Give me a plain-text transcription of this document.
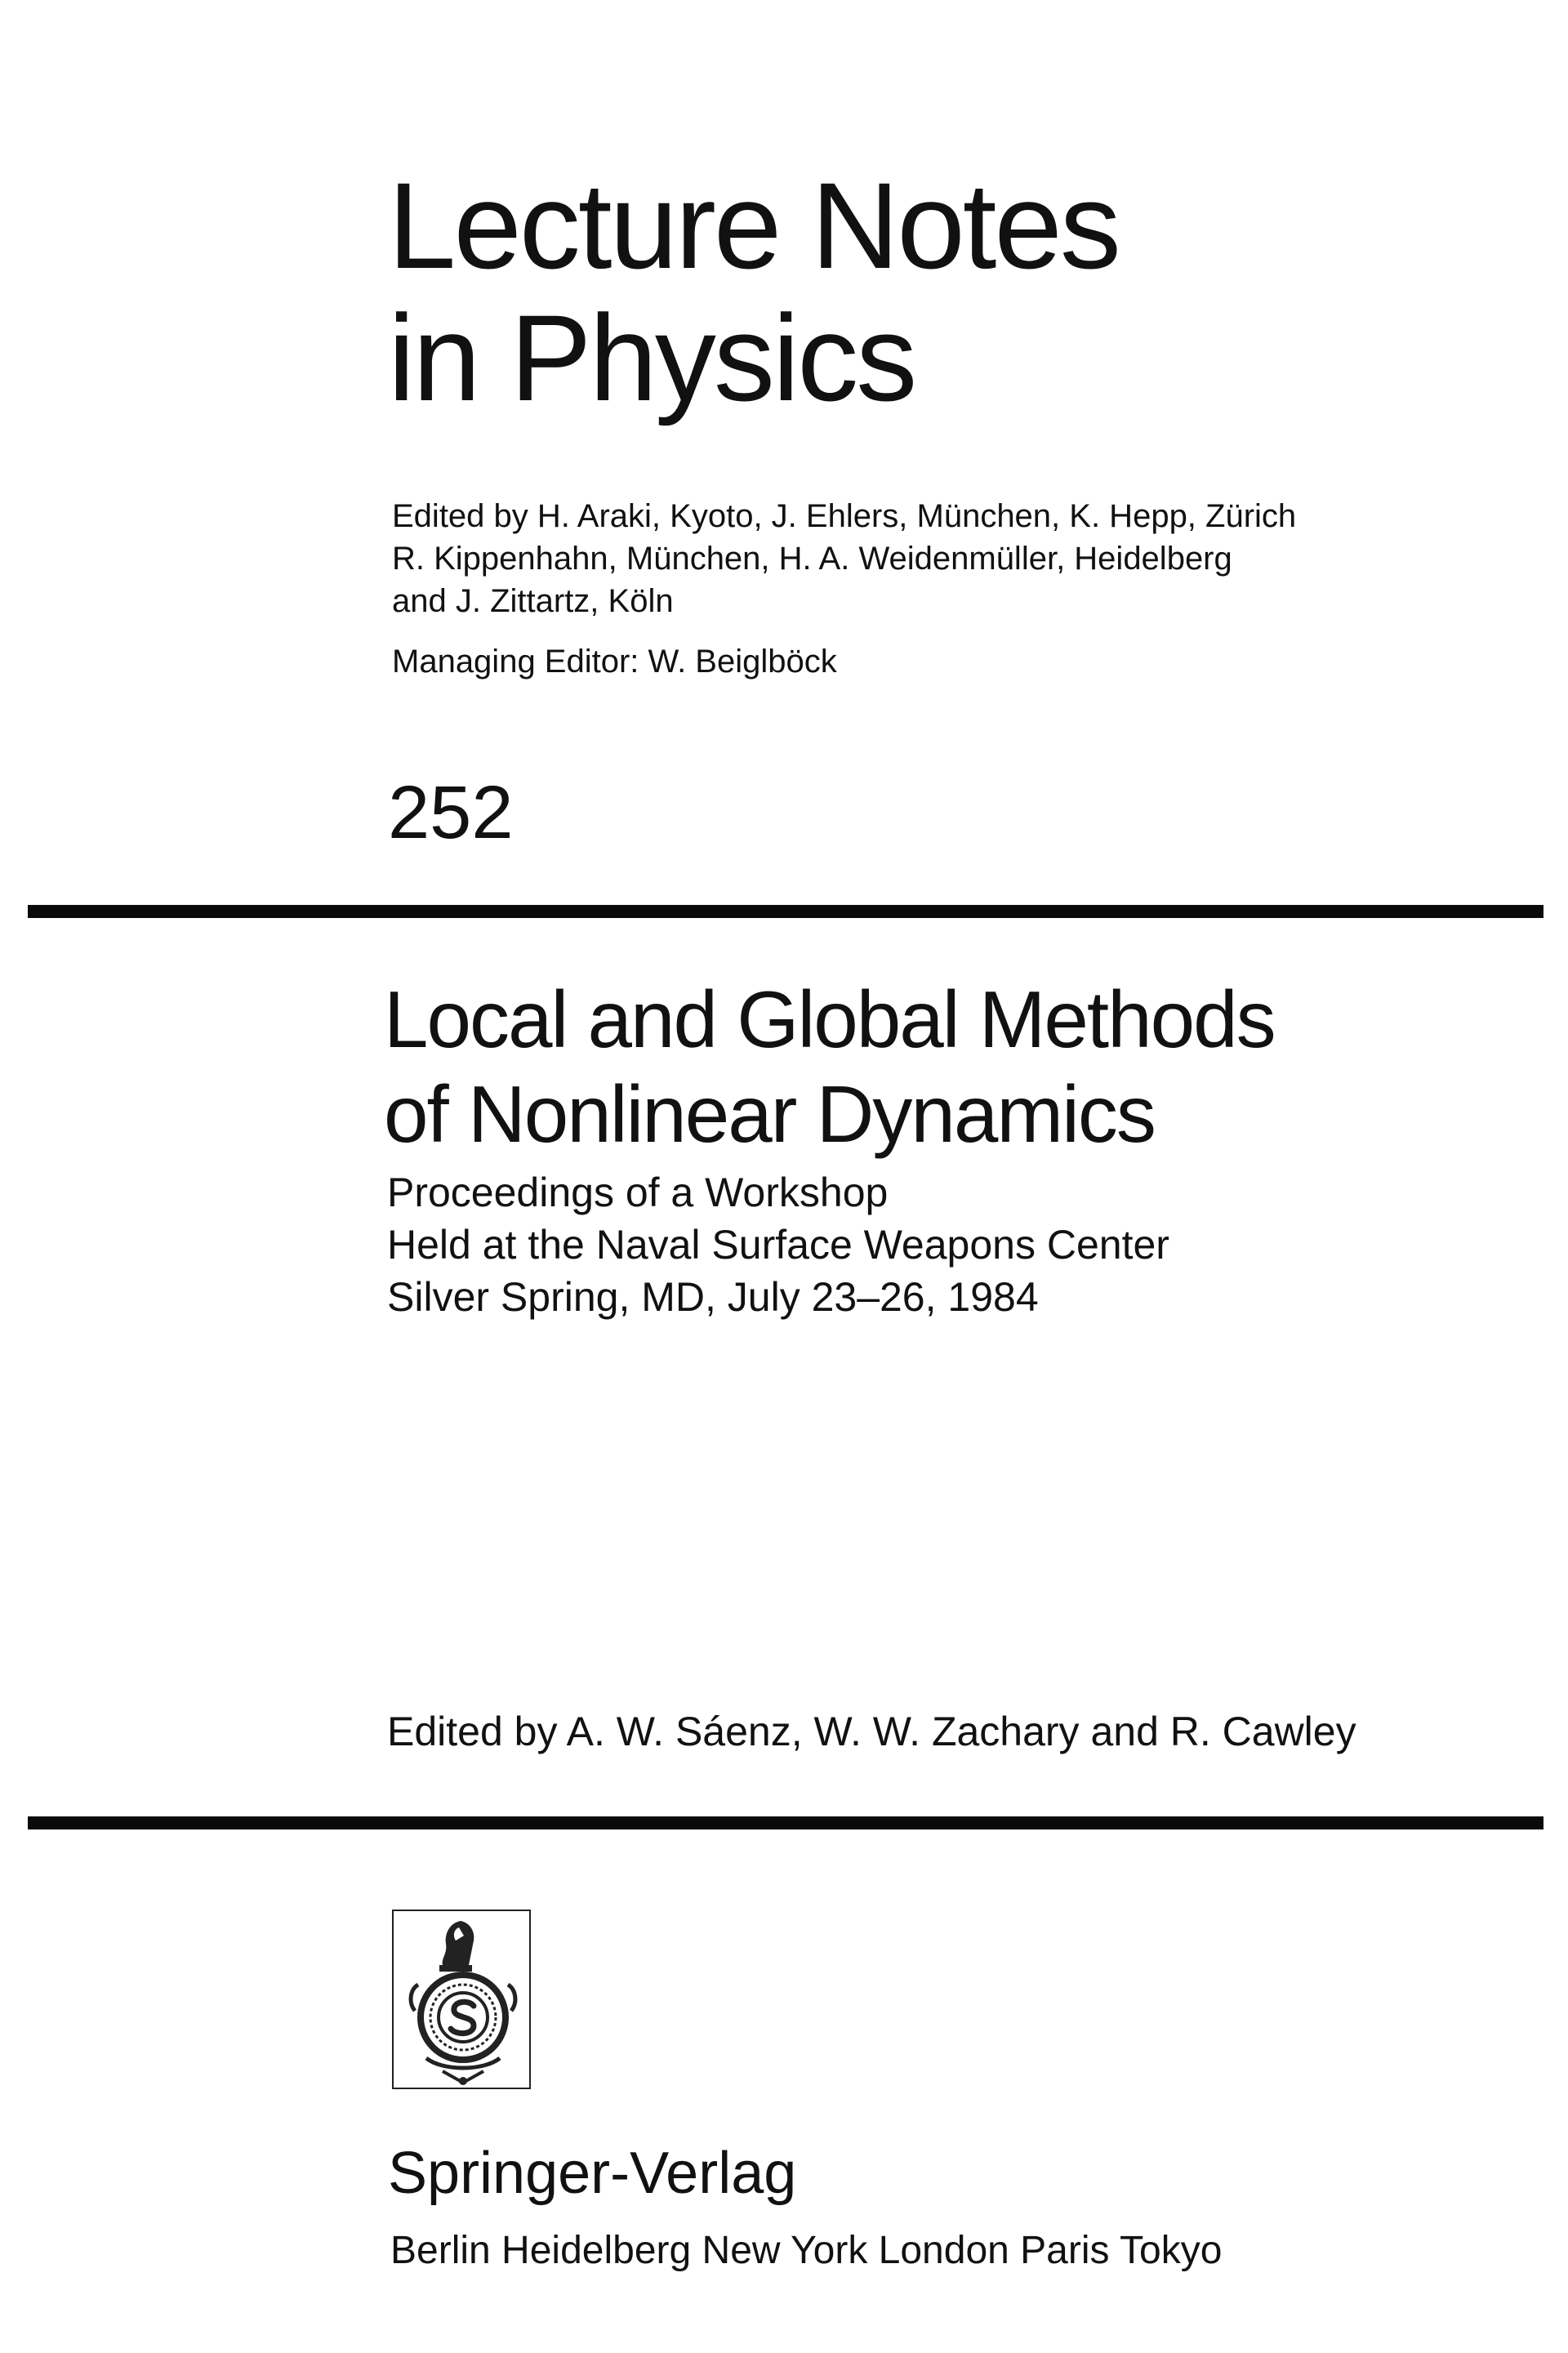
Lecture Notes
in Physics
Edited by H. Araki, Kyoto, J. Ehlers, München, K. Hepp, Zürich
R. Kippenhahn, München, H. A. Weidenmüller, Heidelberg
and J. Zittartz, Köln
Managing Editor: W. Beiglböck
252
Local and Global Methods
of Nonlinear Dynamics
Proceedings of a Workshop
Held at the Naval Surface Weapons Center
Silver Spring, MD, July 23–26, 1984
Edited by A. W. Sáenz, W. W. Zachary and R. Cawley
Springer-Verlag
Berlin Heidelberg New York London Paris Tokyo
